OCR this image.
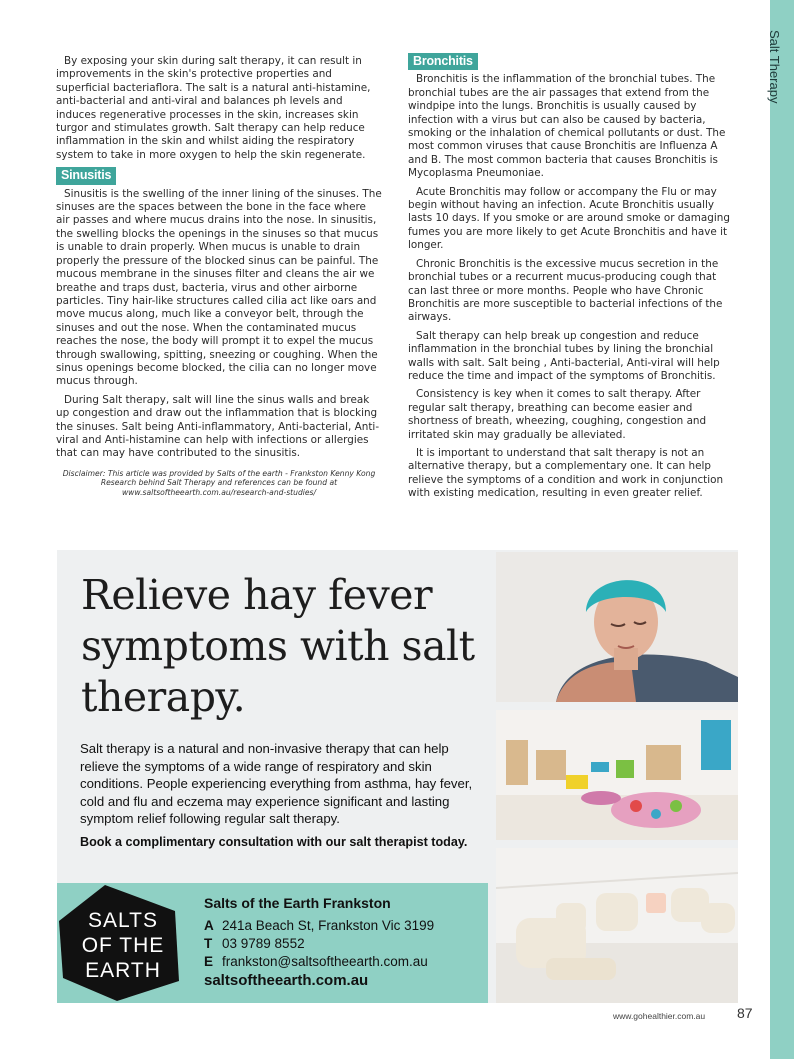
Salt Therapy

By exposing your skin during salt therapy, it can result in improvements in the skin's protective properties and superficial bacteriaflora. The salt is a natural anti-histamine, anti-bacterial and anti-viral and balances ph levels and induces regenerative processes in the skin, increases skin turgor and stimulates growth. Salt therapy can help reduce inflammation in the skin and whilst aiding the respiratory system to take in more oxygen to help the skin regenerate.

Sinusitis

Sinusitis is the swelling of the inner lining of the sinuses. The sinuses are the spaces between the bone in the face where air passes and where mucus drains into the nose. In sinusitis, the swelling blocks the openings in the sinuses so that mucus is unable to drain properly. When mucus is unable to drain properly the pressure of the blocked sinus can be painful. The mucous membrane in the sinuses filter and cleans the air we breathe and traps dust, bacteria, virus and other airborne particles. Tiny hair-like structures called cilia act like oars and move mucus along, much like a conveyor belt, through the sinuses and out the nose. When the contaminated mucus reaches the nose, the body will prompt it to expel the mucus through swallowing, spitting, sneezing or coughing. When the sinus openings become blocked, the cilia can no longer move mucus through.

During Salt therapy, salt will line the sinus walls and break up congestion and draw out the inflammation that is blocking the sinuses. Salt being Anti-inflammatory, Anti-bacterial, Anti-viral and Anti-histamine can help with infections or allergies that can may have contributed to the sinusitis.

Disclaimer: This article was provided by Salts of the earth - Frankston Kenny Kong

Research behind Salt Therapy and references can be found at

www.saltsoftheearth.com.au/research-and-studies/

Bronchitis

Bronchitis is the inflammation of the bronchial tubes. The bronchial tubes are the air passages that extend from the windpipe into the lungs. Bronchitis is usually caused by infection with a virus but can also be caused by bacteria, smoking or the inhalation of chemical pollutants or dust. The most common viruses that cause Bronchitis are Influenza A and B. The most common bacteria that causes Bronchitis is Mycoplasma Pneumoniae.

Acute Bronchitis may follow or accompany the Flu or may begin without having an infection. Acute Bronchitis usually lasts 10 days. If you smoke or are around smoke or damaging fumes you are more likely to get Acute Bronchitis and have it longer.

Chronic Bronchitis is the excessive mucus secretion in the bronchial tubes or a recurrent mucus-producing cough that can last three or more months. People who have Chronic Bronchitis are more susceptible to bacterial infections of the airways.

Salt therapy can help break up congestion and reduce inflammation in the bronchial tubes by lining the bronchial walls with salt. Salt being , Anti-bacterial, Anti-viral will help reduce the time and impact of the symptoms of Bronchitis.

Consistency is key when it comes to salt therapy. After regular salt therapy, breathing can become easier and shortness of breath, wheezing, coughing, congestion and irritated skin may gradually be alleviated.

It is important to understand that salt therapy is not an alternative therapy, but a complementary one. It can help relieve the symptoms of a condition and work in conjunction with existing medication, resulting in even greater relief.

Relieve hay fever symptoms with salt therapy.
Salt therapy is a natural and non-invasive therapy that can help relieve the symptoms of a wide range of respiratory and skin conditions. People experiencing everything from asthma, hay fever, cold and flu and eczema may experience significant and lasting symptom relief following regular salt therapy.
Book a complimentary consultation with our salt therapist today.
SALTS
OF THE
EARTH
Salts of the Earth Frankston
A 241a Beach St, Frankston Vic 3199
T 03 9789 8552
E frankston@saltsoftheearth.com.au
saltsoftheearth.com.au
www.gohealthier.com.au 87
